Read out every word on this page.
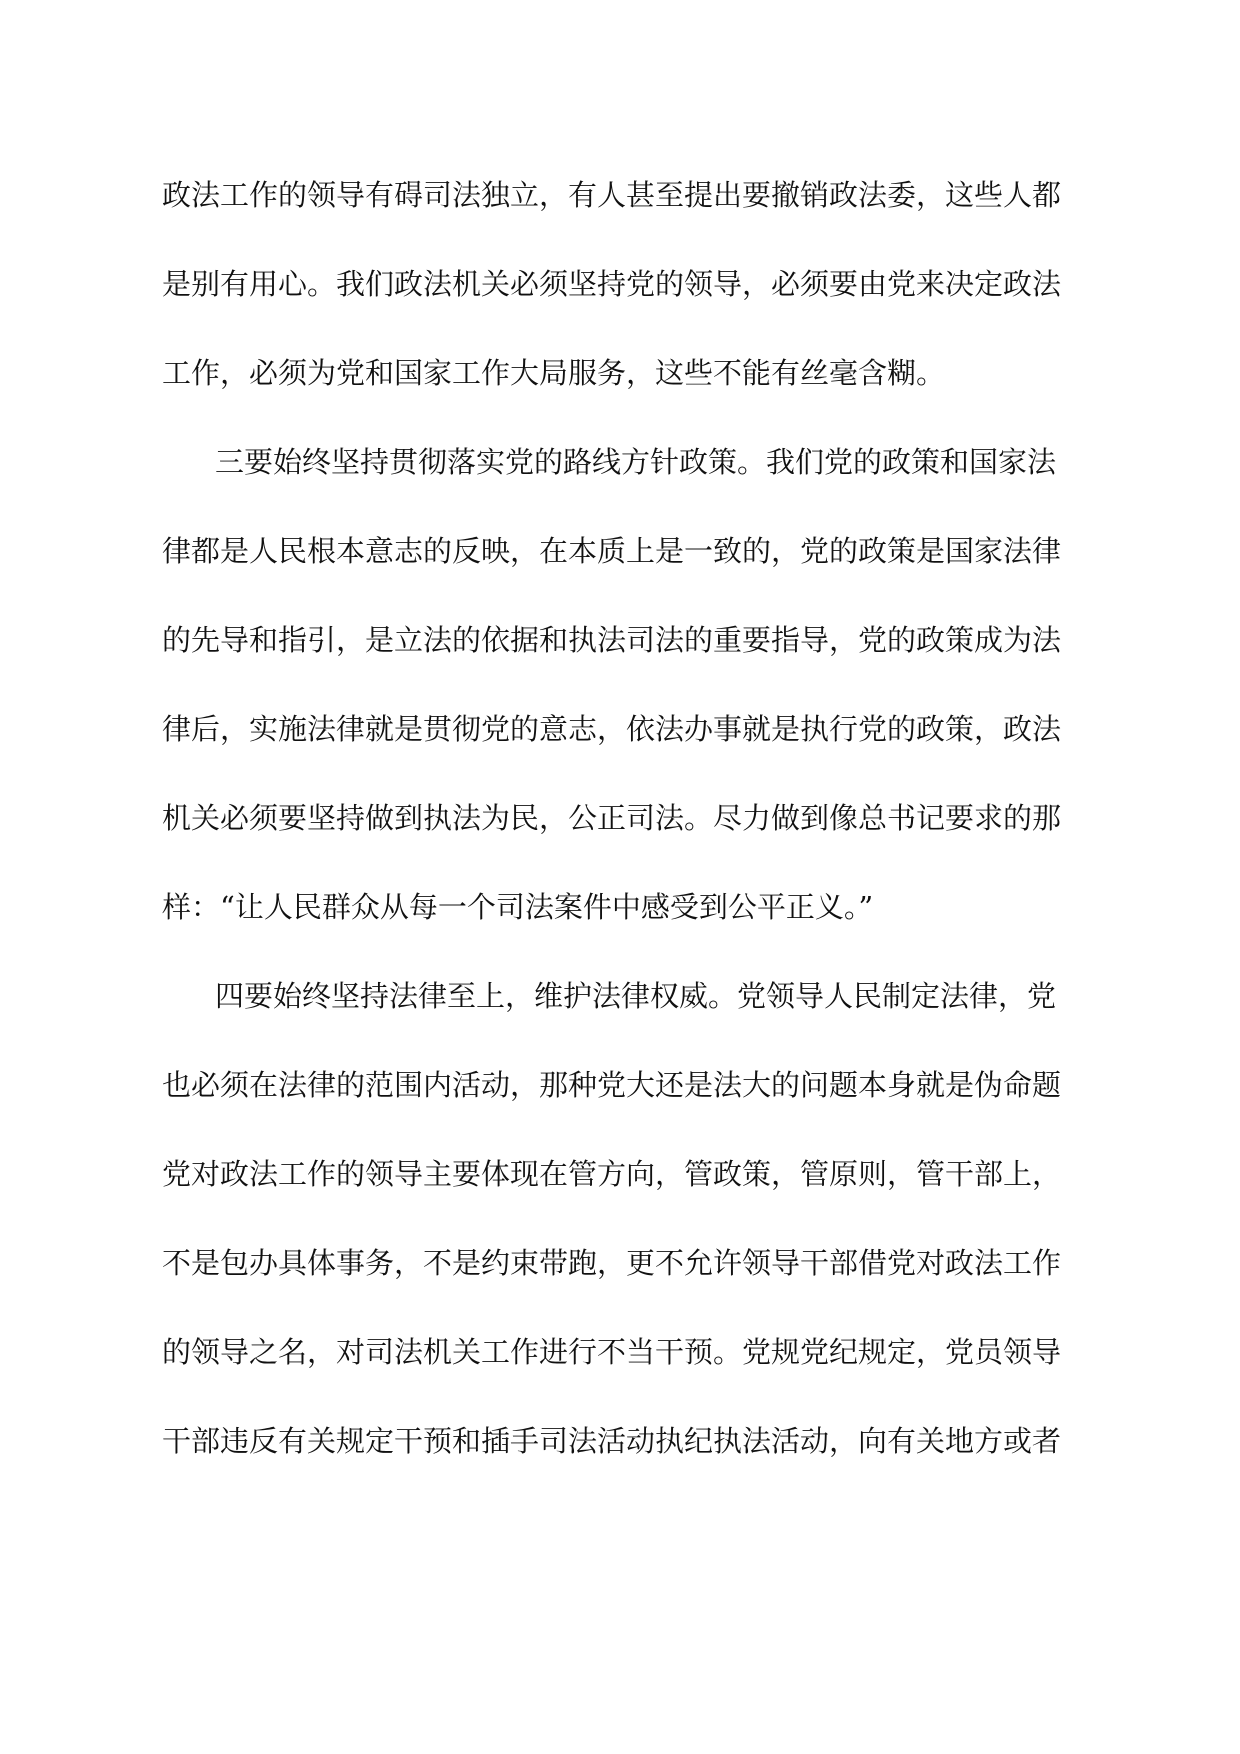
政法工作的领导有碍司法独立，有人甚至提出要撤销政法委，这些人都
是别有用心。我们政法机关必须坚持党的领导，必须要由党来决定政法
工作，必须为党和国家工作大局服务，这些不能有丝毫含糊。
三要始终坚持贯彻落实党的路线方针政策。我们党的政策和国家法
律都是人民根本意志的反映，在本质上是一致的，党的政策是国家法律
的先导和指引，是立法的依据和执法司法的重要指导，党的政策成为法
律后，实施法律就是贯彻党的意志，依法办事就是执行党的政策，政法
机关必须要坚持做到执法为民，公正司法。尽力做到像总书记要求的那
样：“让人民群众从每一个司法案件中感受到公平正义。”
四要始终坚持法律至上，维护法律权威。党领导人民制定法律，党
也必须在法律的范围内活动，那种党大还是法大的问题本身就是伪命题
党对政法工作的领导主要体现在管方向，管政策，管原则，管干部上，
不是包办具体事务，不是约束带跑，更不允许领导干部借党对政法工作
的领导之名，对司法机关工作进行不当干预。党规党纪规定，党员领导
干部违反有关规定干预和插手司法活动执纪执法活动，向有关地方或者
